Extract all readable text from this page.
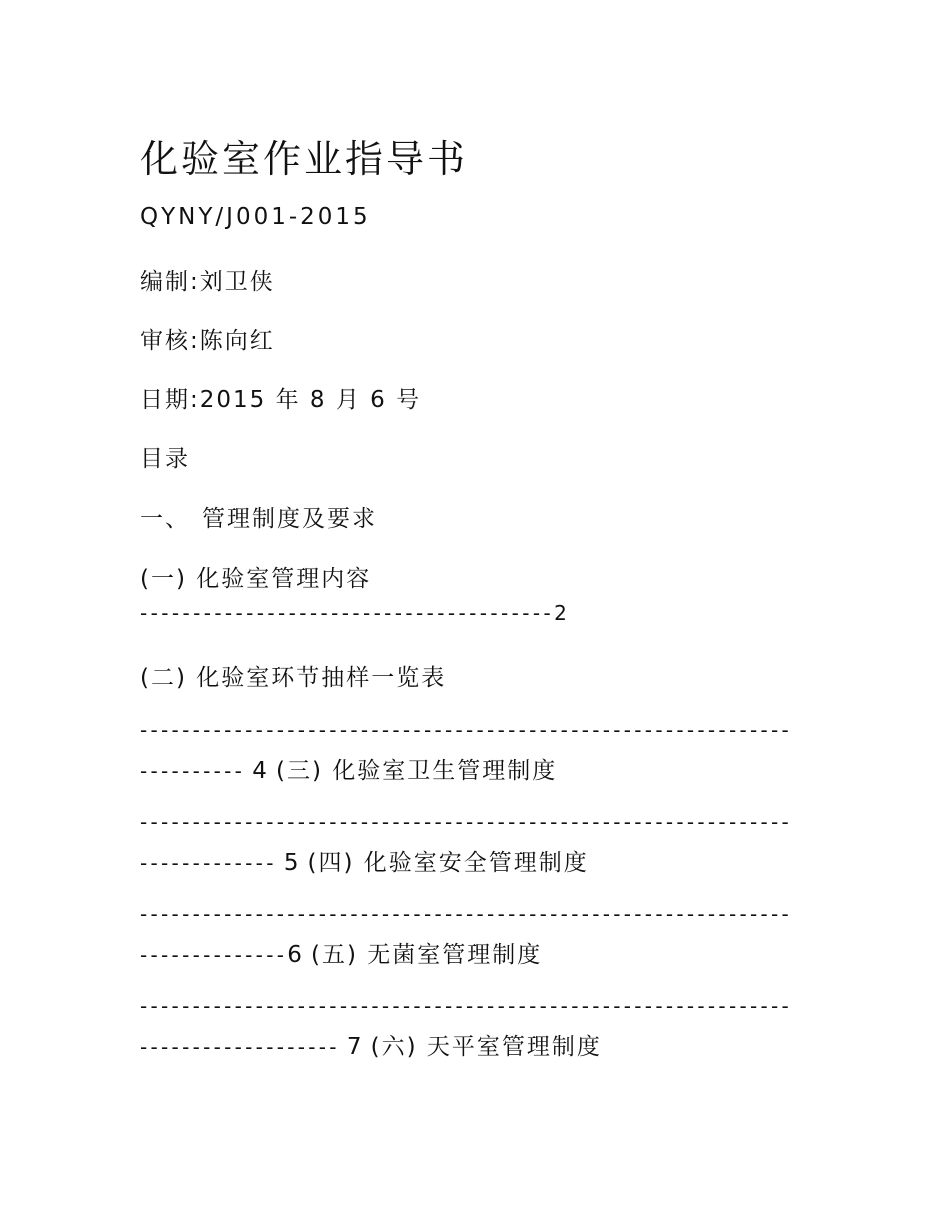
化验室作业指导书
QYNY/J001-2015
编制:刘卫侠
审核:陈向红
日期:2015 年 8 月 6 号
目录
一、 管理制度及要求
(一) 化验室管理内容
---------------------------------------2
(二) 化验室环节抽样一览表
--------------------------------------------------------------
---------- 4 (三) 化验室卫生管理制度
--------------------------------------------------------------
------------- 5 (四) 化验室安全管理制度
--------------------------------------------------------------
--------------6 (五) 无菌室管理制度
--------------------------------------------------------------
------------------- 7 (六) 天平室管理制度
